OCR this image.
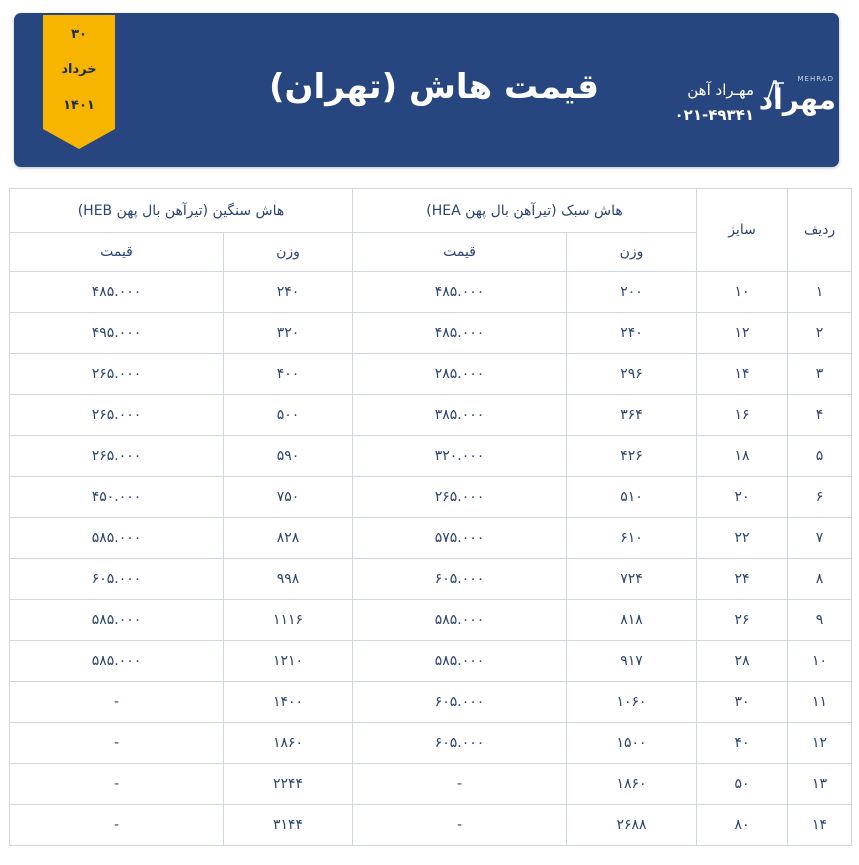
۳۰
خرداد
۱۴۰۱	قیمت هاش (تهران)	مهـراد آهن
۰۲۱-۴۹۳۴۱
MEHRAD
مهراد
ردیف	سایز	هاش سبک (تیرآهن بال پهن HEA)		هاش سنگین (تیرآهن بال پهن HEB)	
		وزن	قیمت	وزن	قیمت
۱	۱۰	۲۰۰	۴۸۵.۰۰۰	۲۴۰	۴۸۵.۰۰۰
۲	۱۲	۲۴۰	۴۸۵.۰۰۰	۳۲۰	۴۹۵.۰۰۰
۳	۱۴	۲۹۶	۲۸۵.۰۰۰	۴۰۰	۲۶۵.۰۰۰
۴	۱۶	۳۶۴	۳۸۵.۰۰۰	۵۰۰	۲۶۵.۰۰۰
۵	۱۸	۴۲۶	۳۲۰.۰۰۰	۵۹۰	۲۶۵.۰۰۰
۶	۲۰	۵۱۰	۲۶۵.۰۰۰	۷۵۰	۴۵۰.۰۰۰
۷	۲۲	۶۱۰	۵۷۵.۰۰۰	۸۲۸	۵۸۵.۰۰۰
۸	۲۴	۷۲۴	۶۰۵.۰۰۰	۹۹۸	۶۰۵.۰۰۰
۹	۲۶	۸۱۸	۵۸۵.۰۰۰	۱۱۱۶	۵۸۵.۰۰۰
۱۰	۲۸	۹۱۷	۵۸۵.۰۰۰	۱۲۱۰	۵۸۵.۰۰۰
۱۱	۳۰	۱۰۶۰	۶۰۵.۰۰۰	۱۴۰۰	-
۱۲	۴۰	۱۵۰۰	۶۰۵.۰۰۰	۱۸۶۰	-
۱۳	۵۰	۱۸۶۰	-	۲۲۴۴	-
۱۴	۸۰	۲۶۸۸	-	۳۱۴۴	-
